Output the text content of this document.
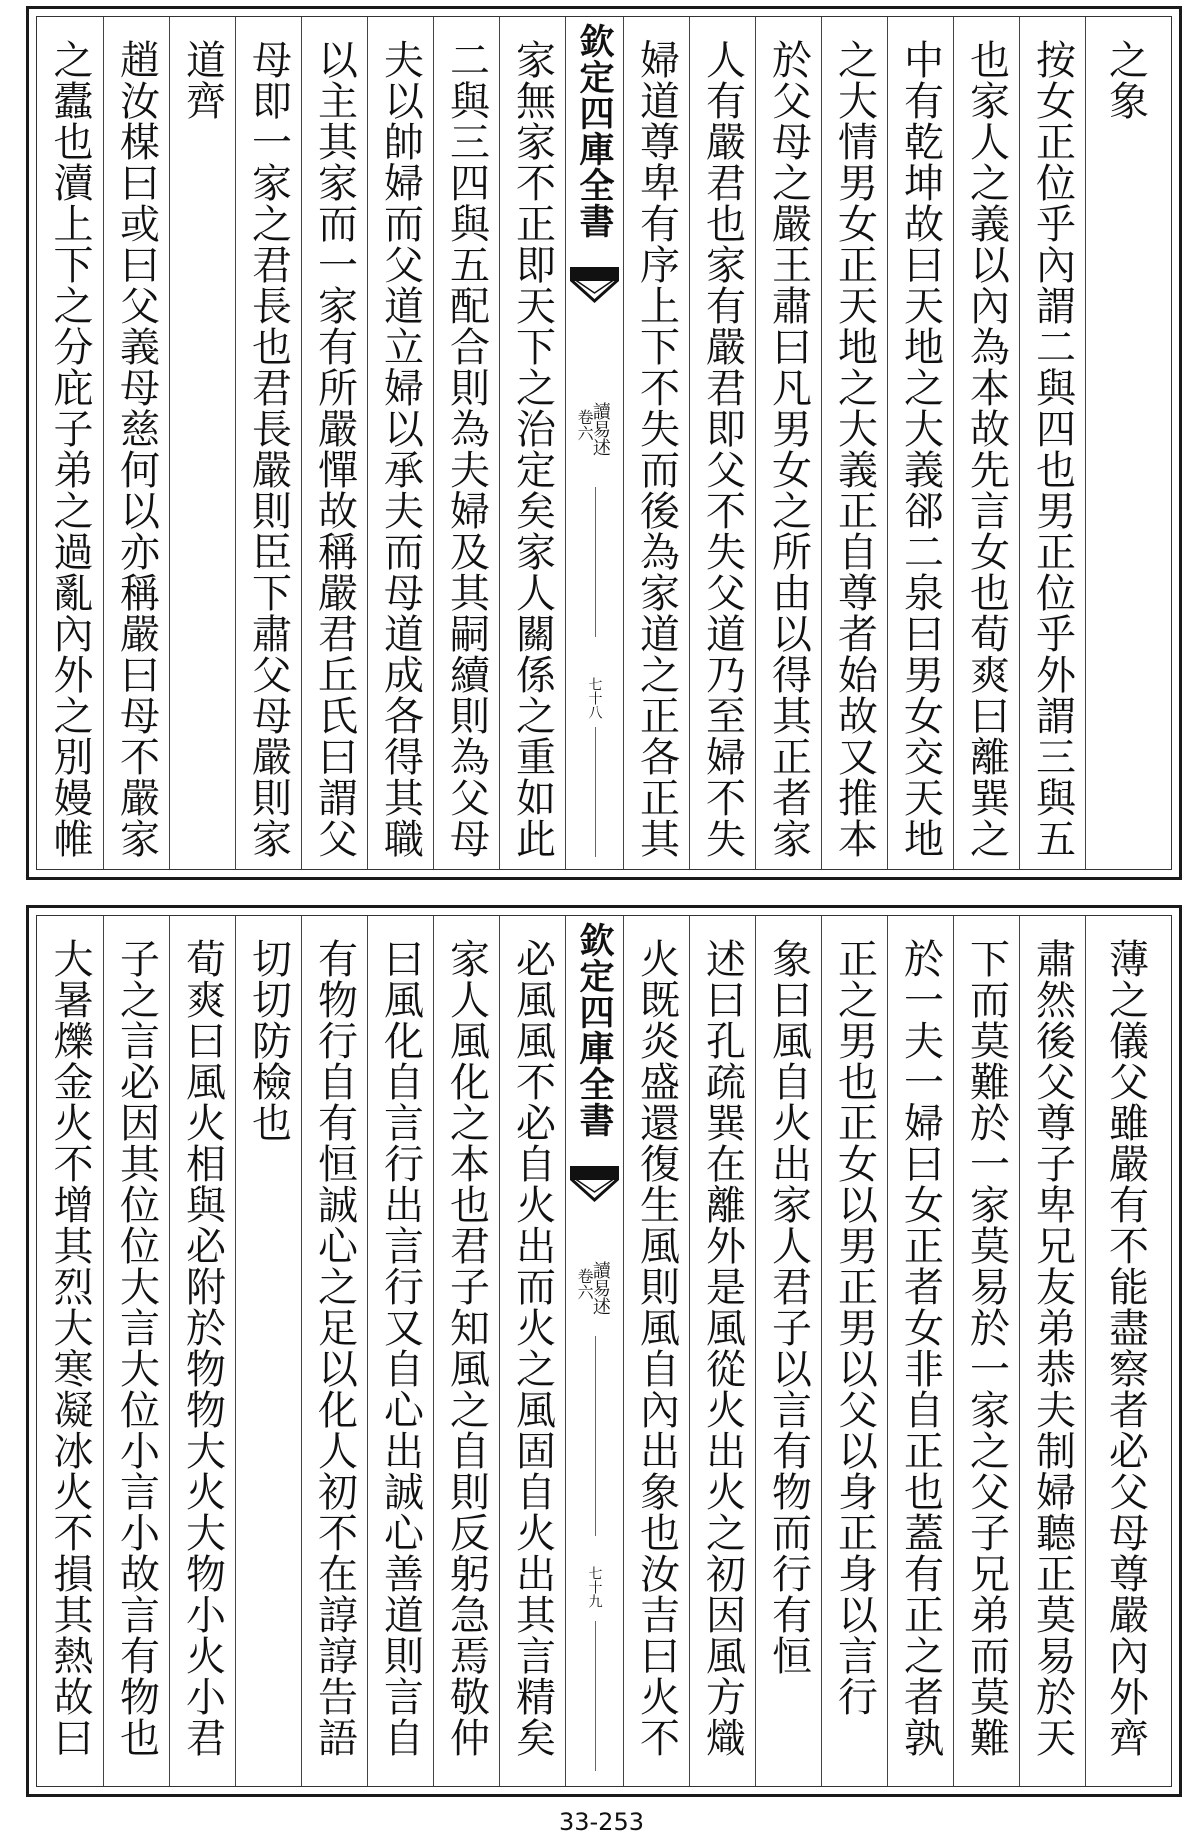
之蠹也瀆上下之分庇子弟之過亂內外之別嫚帷 趙汝楳曰或曰父義母慈何以亦稱嚴曰母不嚴家 道齊 母即一家之君長也君長嚴則臣下肅父母嚴則家 以主其家而一家有所嚴憚故稱嚴君丘氏曰謂父 夫以帥婦而父道立婦以承夫而母道成各得其職 二與三四與五配合則為夫婦及其嗣續則為父母 家無家不正即天下之治定矣家人關係之重如此 欽定四庫全書
讀易述
卷六
七十八 婦道尊卑有序上下不失而後為家道之正各正其 人有嚴君也家有嚴君即父不失父道乃至婦不失 於父母之嚴王肅曰凡男女之所由以得其正者家 之大情男女正天地之大義正自尊者始故又推本 中有乾坤故曰天地之大義郤二泉曰男女交天地 也家人之義以內為本故先言女也荀爽曰離巽之 按女正位乎內謂二與四也男正位乎外謂三與五 之象
大暑爍金火不增其烈大寒凝冰火不損其熱故曰 子之言必因其位位大言大位小言小故言有物也 荀爽曰風火相與必附於物物大火大物小火小君 切切防檢也 有物行自有恒誠心之足以化人初不在諄諄告語 曰風化自言行出言行又自心出誠心善道則言自 家人風化之本也君子知風之自則反躬急焉敬仲 必風風不必自火出而火之風固自火出其言精矣 欽定四庫全書
讀易述
卷六
七十九 火既炎盛還復生風則風自內出象也汝吉曰火不 述曰孔疏巽在離外是風從火出火之初因風方熾 象曰風自火出家人君子以言有物而行有恒 正之男也正女以男正男以父以身正身以言行 於一夫一婦曰女正者女非自正也蓋有正之者孰 下而莫難於一家莫易於一家之父子兄弟而莫難 肅然後父尊子卑兄友弟恭夫制婦聽正莫易於天 薄之儀父雖嚴有不能盡察者必父母尊嚴內外齊
33-253
